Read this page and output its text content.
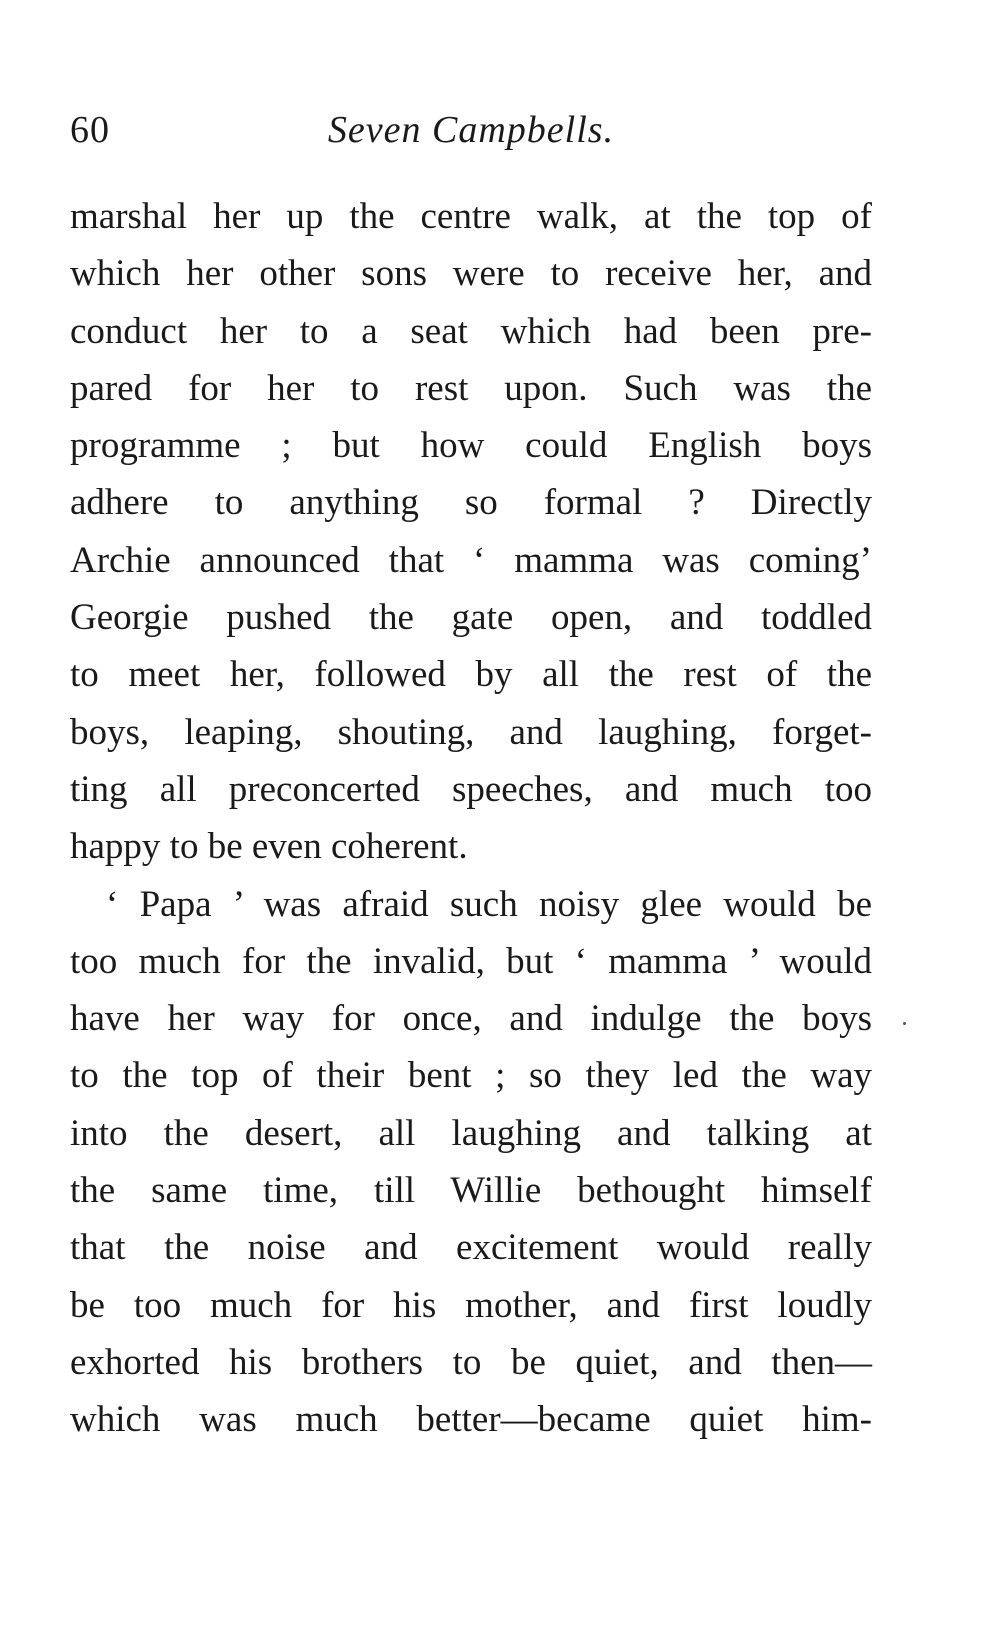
60	Seven Campbells.
marshal her up the centre walk, at the top of
which her other sons were to receive her, and
conduct her to a seat which had been pre-
pared for her to rest upon. Such was the
programme ; but how could English boys
adhere to anything so formal ? Directly
Archie announced that ‘ mamma was coming’
Georgie pushed the gate open, and toddled
to meet her, followed by all the rest of the
boys, leaping, shouting, and laughing, forget-
ting all preconcerted speeches, and much too
happy to be even coherent.
‘ Papa ’ was afraid such noisy glee would be
too much for the invalid, but ‘ mamma ’ would
have her way for once, and indulge the boys
to the top of their bent ; so they led the way
into the desert, all laughing and talking at
the same time, till Willie bethought himself
that the noise and excitement would really
be too much for his mother, and first loudly
exhorted his brothers to be quiet, and then—
which was much better—became quiet him-
